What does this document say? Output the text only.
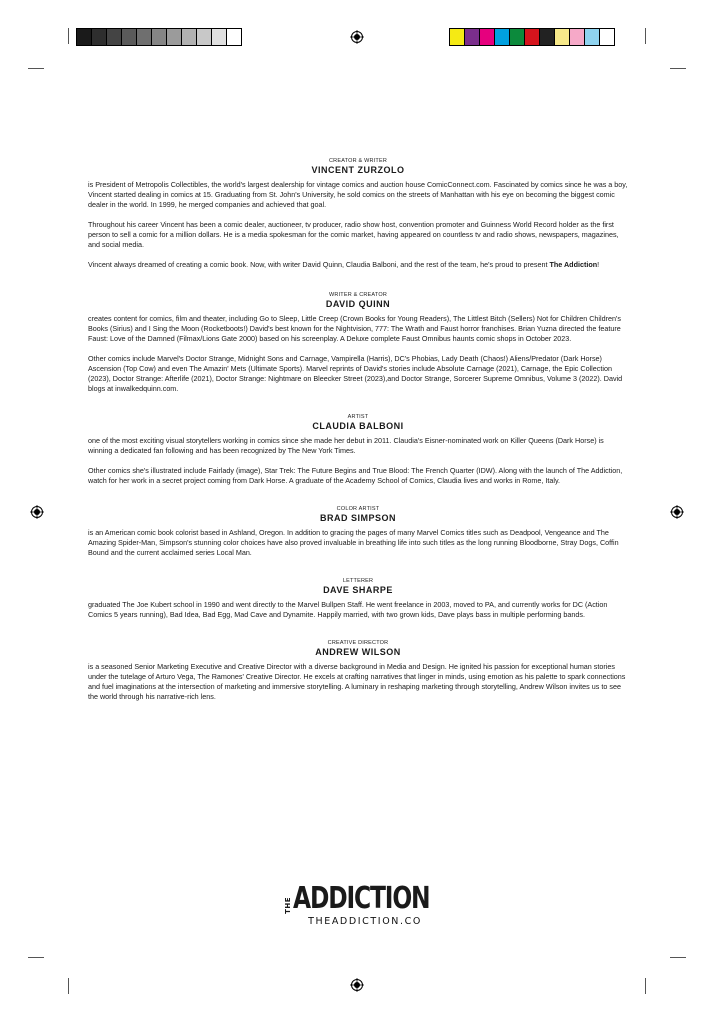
CREATOR & WRITER
VINCENT ZURZOLO

is President of Metropolis Collectibles, the world's largest dealership for vintage comics and auction house ComicConnect.com. Fascinated by comics since he was a boy, Vincent started dealing in comics at 15. Graduating from St. John's University, he sold comics on the streets of Manhattan with his eye on becoming the biggest comic dealer in the world. In 1999, he merged companies and achieved that goal.

Throughout his career Vincent has been a comic dealer, auctioneer, tv producer, radio show host, convention promoter and Guinness World Record holder as the first person to sell a comic for a million dollars. He is a media spokesman for the comic market, having appeared on countless tv and radio shows, newspapers, magazines, and social media.

Vincent always dreamed of creating a comic book. Now, with writer David Quinn, Claudia Balboni, and the rest of the team, he's proud to present The Addiction!

WRITER & CREATOR
DAVID QUINN

creates content for comics, film and theater, including Go to Sleep, Little Creep (Crown Books for Young Readers), The Littlest Bitch (Sellers) Not for Children Children's Books (Sirius) and I Sing the Moon (Rocketboots!) David's best known for the Nightvision, 777: The Wrath and Faust horror franchises. Brian Yuzna directed the feature Faust: Love of the Damned (Filmax/Lions Gate 2000) based on his screenplay. A Deluxe complete Faust Omnibus haunts comic shops in October 2023.

Other comics include Marvel's Doctor Strange, Midnight Sons and Carnage, Vampirella (Harris), DC's Phobias, Lady Death (Chaos!) Aliens/Predator (Dark Horse) Ascension (Top Cow) and even The Amazin' Mets (Ultimate Sports). Marvel reprints of David's stories include Absolute Carnage (2021), Carnage, the Epic Collection (2023), Doctor Strange: Afterlife (2021), Doctor Strange: Nightmare on Bleecker Street (2023),and Doctor Strange, Sorcerer Supreme Omnibus, Volume 3 (2022). David blogs at inwalkedquinn.com.

ARTIST
CLAUDIA BALBONI

one of the most exciting visual storytellers working in comics since she made her debut in 2011. Claudia's Eisner-nominated work on Killer Queens (Dark Horse) is winning a dedicated fan following and has been recognized by The New York Times.

Other comics she's illustrated include Fairlady (image), Star Trek: The Future Begins and True Blood: The French Quarter (IDW). Along with the launch of The Addiction, watch for her work in a secret project coming from Dark Horse. A graduate of the Academy School of Comics, Claudia lives and works in Rome, Italy.

COLOR ARTIST
BRAD SIMPSON

is an American comic book colorist based in Ashland, Oregon. In addition to gracing the pages of many Marvel Comics titles such as Deadpool, Vengeance and The Amazing Spider-Man, Simpson's stunning color choices have also proved invaluable in breathing life into such titles as the long running Bloodborne, Stray Dogs, Coffin Bound and the current acclaimed series Local Man.

LETTERER
DAVE SHARPE

graduated The Joe Kubert school in 1990 and went directly to the Marvel Bullpen Staff. He went freelance in 2003, moved to PA, and currently works for DC (Action Comics 5 years running), Bad Idea, Bad Egg, Mad Cave and Dynamite. Happily married, with two grown kids, Dave plays bass in multiple performing bands.

CREATIVE DIRECTOR
ANDREW WILSON

is a seasoned Senior Marketing Executive and Creative Director with a diverse background in Media and Design. He ignited his passion for exceptional human stories under the tutelage of Arturo Vega, The Ramones' Creative Director. He excels at crafting narratives that linger in minds, using emotion as his palette to spark connections and fuel imaginations at the intersection of marketing and immersive storytelling. A luminary in reshaping marketing through storytelling, Andrew Wilson invites us to see the world through his narrative-rich lens.

THE ADDICTION
THEADDICTION.CO
